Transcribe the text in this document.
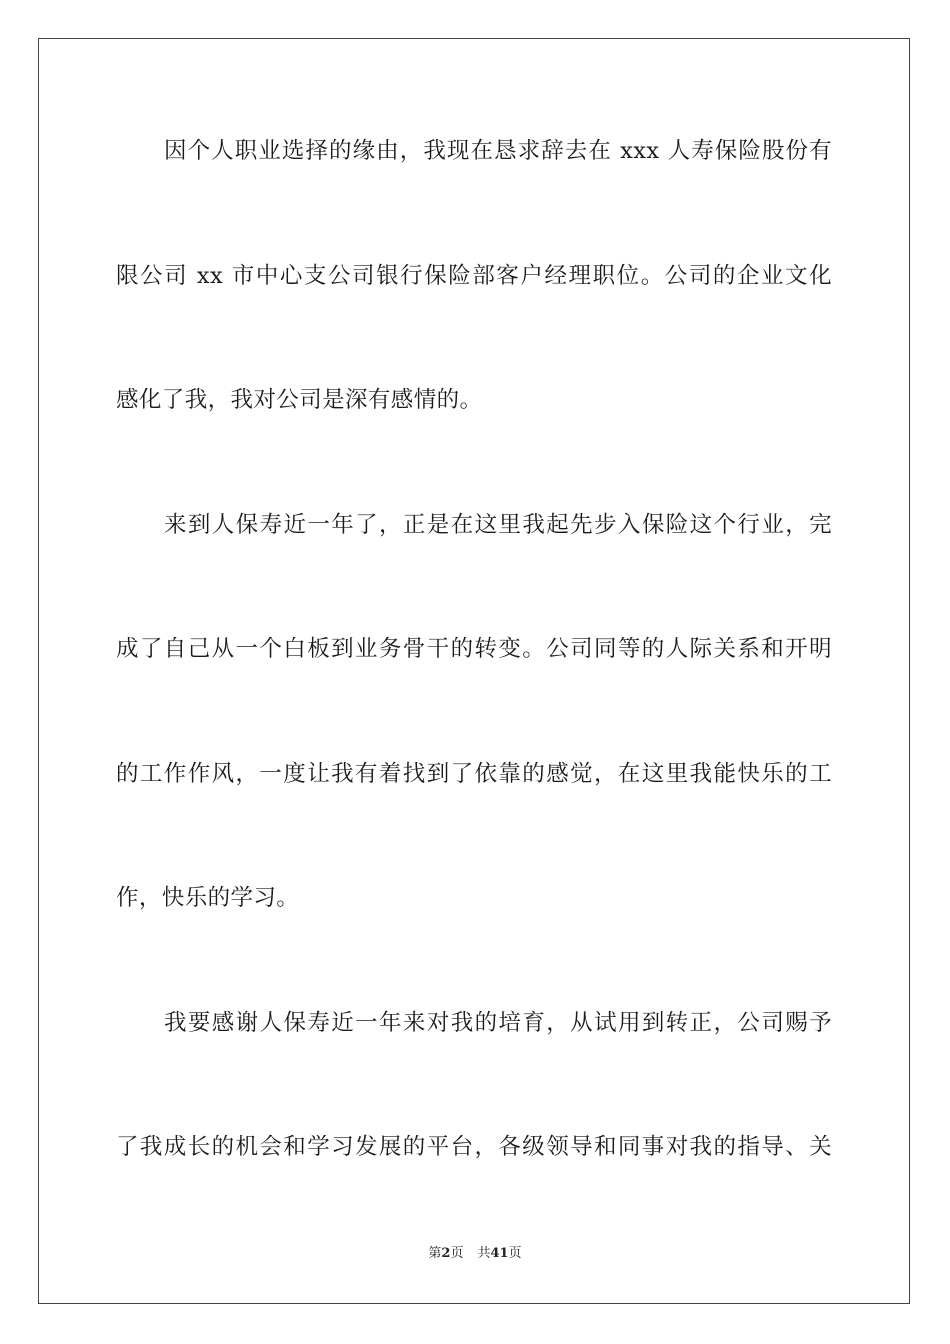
因个人职业选择的缘由，我现在恳求辞去在 xxx 人寿保险股份有
限公司 xx 市中心支公司银行保险部客户经理职位。公司的企业文化
感化了我，我对公司是深有感情的。
来到人保寿近一年了，正是在这里我起先步入保险这个行业，完
成了自己从一个白板到业务骨干的转变。公司同等的人际关系和开明
的工作作风，一度让我有着找到了依靠的感觉，在这里我能快乐的工
作，快乐的学习。
我要感谢人保寿近一年来对我的培育，从试用到转正，公司赐予
了我成长的机会和学习发展的平台，各级领导和同事对我的指导、关
第2页 共41页
